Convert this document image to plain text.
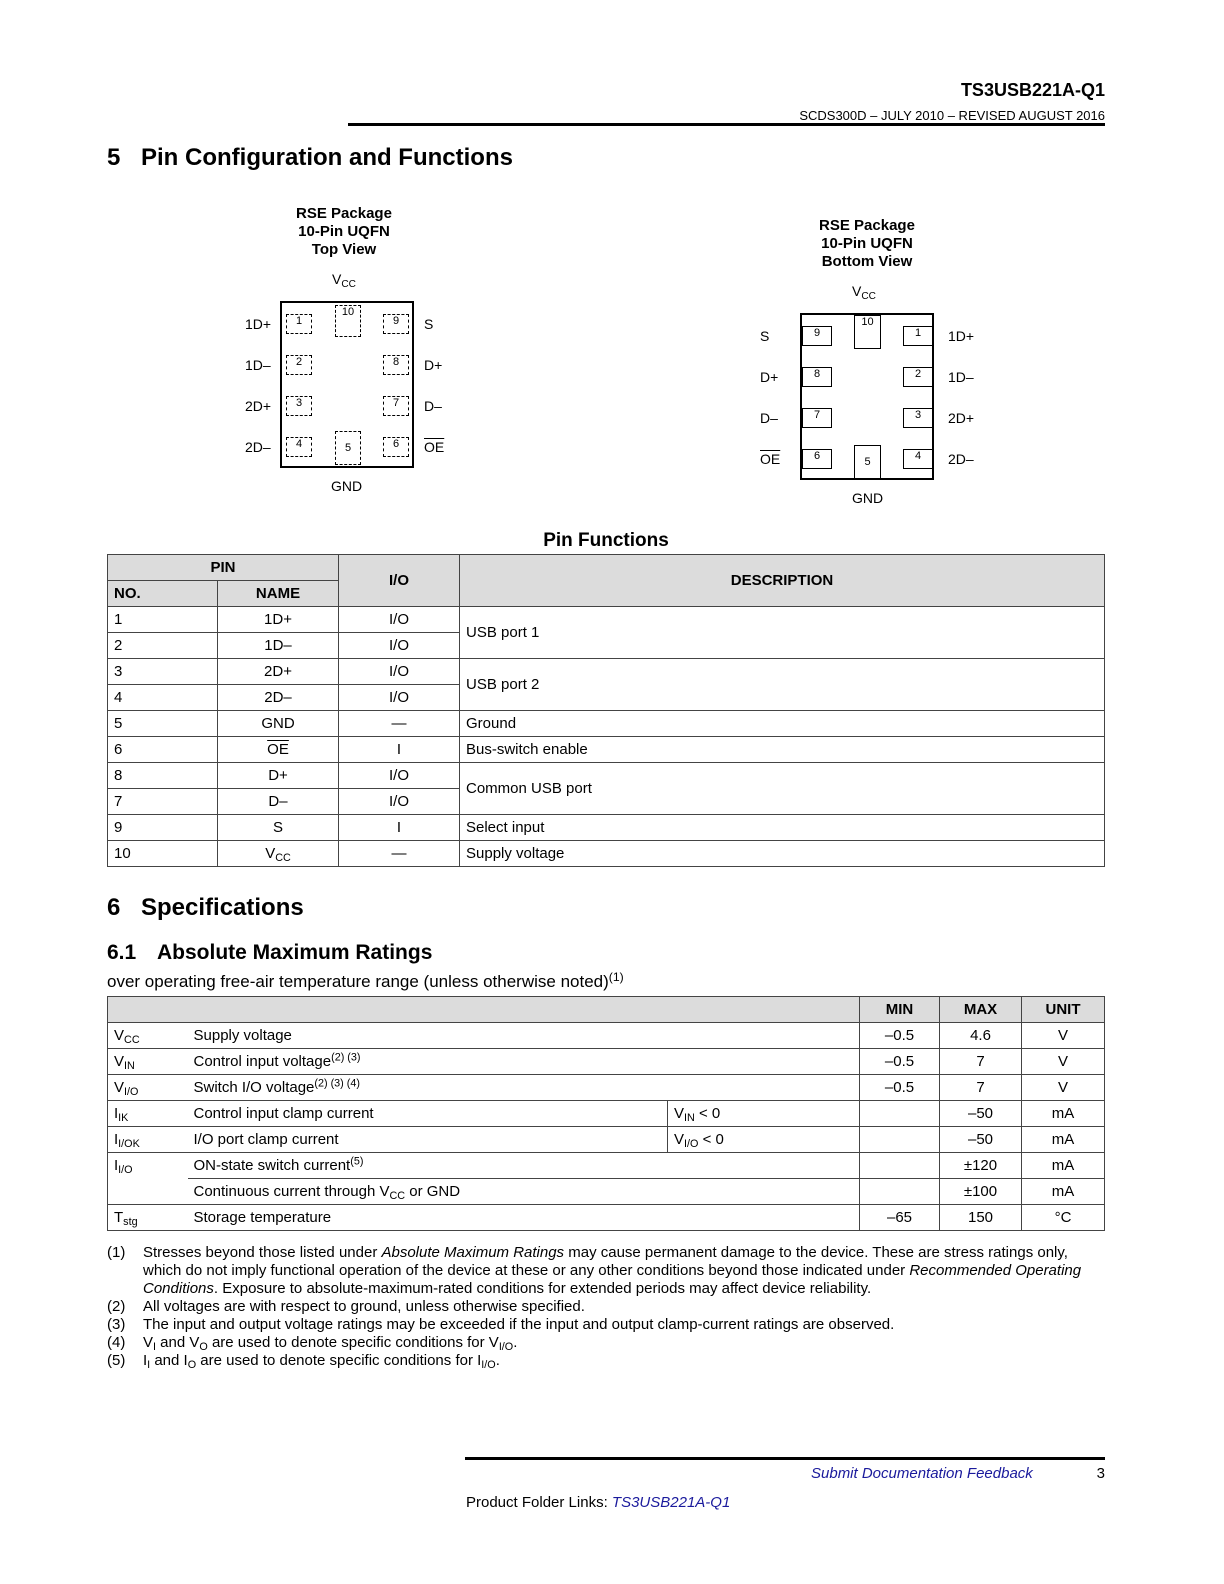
TS3USB221A-Q1
SCDS300D – JULY 2010 – REVISED AUGUST 2016
5 Pin Configuration and Functions
RSE Package
10-Pin UQFN
Top View
$V_{CC}$
1
2
3
4	5	6
7
8
9
10
1D+
1D–
2D+
2D–
S
D+
D–
$\overline{OE}$
GND
RSE Package
10-Pin UQFN
Bottom View
$V_{CC}$
1
2
3
4
5
6
7
8
9
10
S
D+
D–
$\overline{OE}$
1D+
1D–
2D+
2D–
GND
Pin Functions
PIN		I/O	DESCRIPTION
NO.	NAME		
1	1D+	I/O	USB port 1
2	1D–	I/O	
3	2D+	I/O	USB port 2
4	2D–	I/O	
5	GND	—	Ground
6	$\overline{OE}$	I	Bus-switch enable
8	D+	I/O	Common USB port
7	D–	I/O	
9	S	I	Select input
10	$V_{CC}$	—	Supply voltage
6 Specifications
6.1 Absolute Maximum Ratings
over operating free-air temperature range (unless otherwise noted)$^{(1)}$
			MIN	MAX	UNIT
$V_{CC}$	Supply voltage		–0.5	4.6	V
$V_{IN}$	Control input voltage$^{(2) (3)}$		–0.5	7	V
$V_{I/O}$	Switch I/O voltage$^{(2) (3) (4)}$		–0.5	7	V
$I_{IK}$	Control input clamp current	$V_{IN} < 0$		–50	mA
$I_{I/OK}$	I/O port clamp current	$V_{I/O} < 0$		–50	mA
$I_{I/O}$	ON-state switch current$^{(5)}$			±120	mA
	Continuous current through $V_{CC}$ or GND			±100	mA
$T_{stg}$	Storage temperature		–65	150	°C
(1)	Stresses beyond those listed under Absolute Maximum Ratings may cause permanent damage to the device. These are stress ratings only, which do not imply functional operation of the device at these or any other conditions beyond those indicated under Recommended Operating Conditions. Exposure to absolute-maximum-rated conditions for extended periods may affect device reliability.
(2)	All voltages are with respect to ground, unless otherwise specified.
(3)	The input and output voltage ratings may be exceeded if the input and output clamp-current ratings are observed.
(4)	$V_I$ and $V_O$ are used to denote specific conditions for $V_{I/O}$.
(5)	$I_I$ and $I_O$ are used to denote specific conditions for $I_{I/O}$.
Submit Documentation Feedback	3
Product Folder Links: TS3USB221A-Q1
